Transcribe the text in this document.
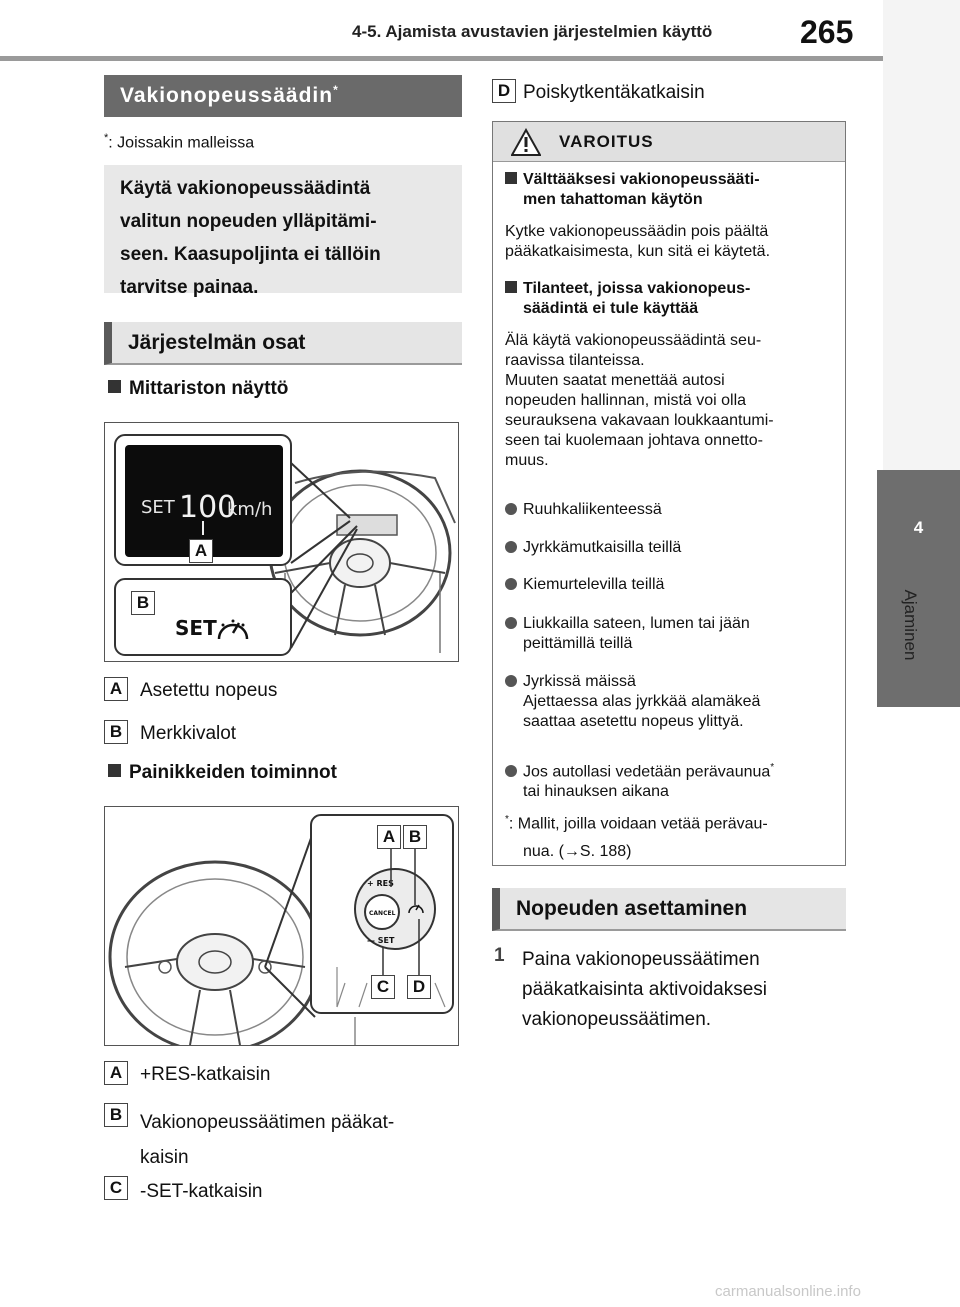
4-5. Ajamista avustavien järjestelmien käyttö	265
4
Ajaminen
Vakionopeussäädin*
*: Joissakin malleissa

Käytä vakionopeussäädintä
valitun nopeuden ylläpitämi-
seen. Kaasupoljinta ei tällöin
tarvitse painaa.

Järjestelmän osat
Mittariston näyttö
SET 100
km/h
SET
A
B
A Asetettu nopeus
B Merkkivalot
Painikkeiden toiminnot
+ RES
CANCEL
— SET
A B
C	D
A +RES-katkaisin
B Vakionopeussäätimen pääkat-
kaisin
C -SET-katkaisin
D Poiskytkentäkatkaisin
VAROITUS
Välttääksesi vakionopeussääti-
men tahattoman käytön
Kytke vakionopeussäädin pois päältä
pääkatkaisimesta, kun sitä ei käytetä.
Tilanteet, joissa vakionopeus-
säädintä ei tule käyttää
Älä käytä vakionopeussäädintä seu-
raavissa tilanteissa.
Muuten saatat menettää autosi
nopeuden hallinnan, mistä voi olla
seurauksena vakavaan loukkaantumi-
seen tai kuolemaan johtava onnetto-
muus.
Ruuhkaliikenteessä
Jyrkkämutkaisilla teillä
Kiemurtelevilla teillä
Liukkailla sateen, lumen tai jään
peittämillä teillä
Jyrkissä mäissä
Ajettaessa alas jyrkkää alamäkeä
saattaa asetettu nopeus ylittyä.
Jos autollasi vedetään perävaunua*
tai hinauksen aikana
*: Mallit, joilla voidaan vetää perävau-
nua. (→S. 188)
Nopeuden asettaminen
1 Paina vakionopeussäätimen
pääkatkaisinta aktivoidaksesi
vakionopeussäätimen.
carmanualsonline.info
